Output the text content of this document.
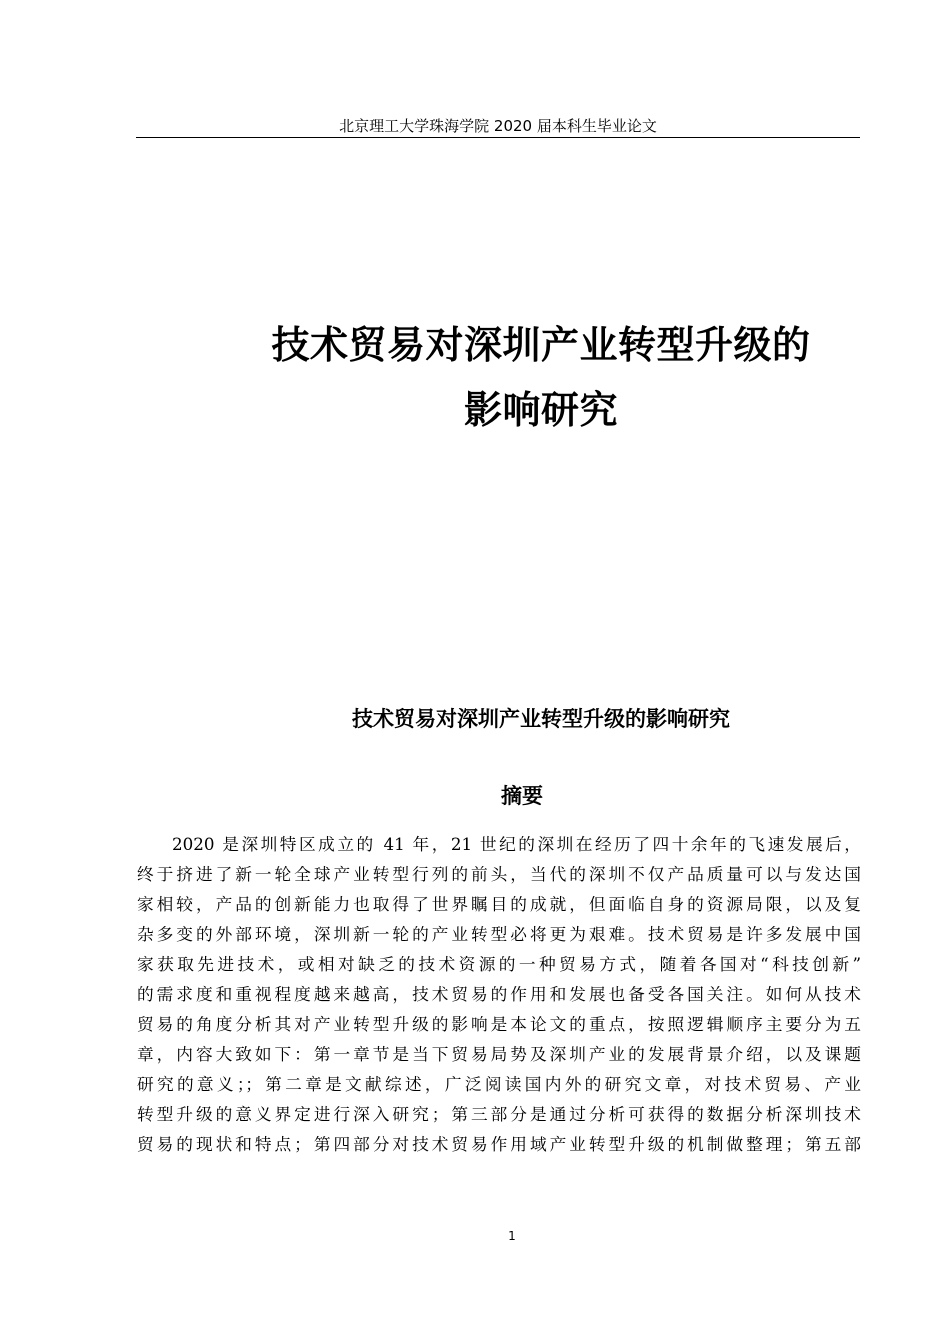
北京理工大学珠海学院 2020 届本科生毕业论文
技术贸易对深圳产业转型升级的
影响研究
技术贸易对深圳产业转型升级的影响研究
摘要
2020 是深圳特区成立的 41 年，21 世纪的深圳在经历了四十余年的飞速发展后，
终于挤进了新一轮全球产业转型行列的前头，当代的深圳不仅产品质量可以与发达国
家相较，产品的创新能力也取得了世界瞩目的成就，但面临自身的资源局限，以及复
杂多变的外部环境，深圳新一轮的产业转型必将更为艰难。技术贸易是许多发展中国
家获取先进技术，或相对缺乏的技术资源的一种贸易方式，随着各国对“科技创新”
的需求度和重视程度越来越高，技术贸易的作用和发展也备受各国关注。如何从技术
贸易的角度分析其对产业转型升级的影响是本论文的重点，按照逻辑顺序主要分为五
章，内容大致如下：第一章节是当下贸易局势及深圳产业的发展背景介绍，以及课题
研究的意义；；第二章是文献综述，广泛阅读国内外的研究文章，对技术贸易、产业
转型升级的意义界定进行深入研究；第三部分是通过分析可获得的数据分析深圳技术
贸易的现状和特点；第四部分对技术贸易作用域产业转型升级的机制做整理；第五部
1
